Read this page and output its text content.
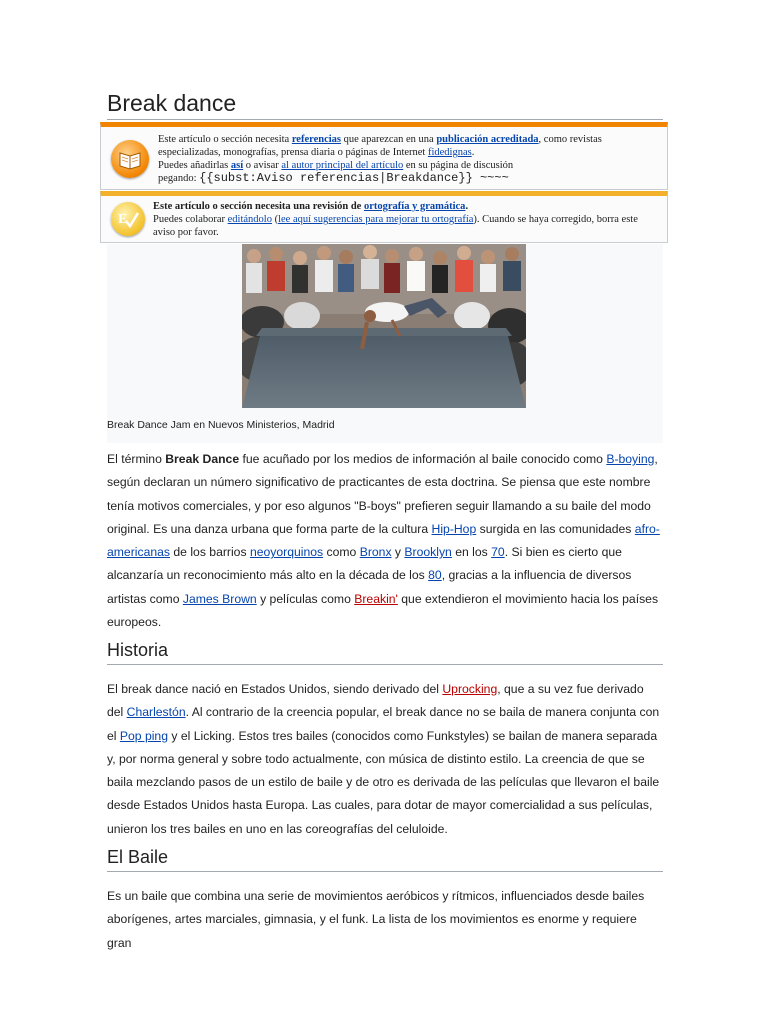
Break dance
Este artículo o sección necesita referencias que aparezcan en una publicación acreditada, como revistas especializadas, monografías, prensa diaria o páginas de Internet fidedignas.
Puedes añadirlas así o avisar al autor principal del artículo en su página de discusión
pegando: {{subst:Aviso referencias|Breakdance}} ~~~~
E
Este artículo o sección necesita una revisión de ortografía y gramática.
Puedes colaborar editándolo (lee aquí sugerencias para mejorar tu ortografía). Cuando se haya corregido, borra este aviso por favor.
Break Dance Jam en Nuevos Ministerios, Madrid

El término Break Dance fue acuñado por los medios de información al baile conocido como B-boying, según declaran un número significativo de practicantes de esta doctrina. Se piensa que este nombre tenía motivos comerciales, y por eso algunos "B-boys" prefieren seguir llamando a su baile del modo original. Es una danza urbana que forma parte de la cultura Hip-Hop surgida en las comunidades afro-americanas de los barrios neoyorquinos como Bronx y Brooklyn en los 70. Si bien es cierto que alcanzaría un reconocimiento más alto en la década de los 80, gracias a la influencia de diversos artistas como James Brown y películas como Breakin' que extendieron el movimiento hacia los países europeos.

Historia

El break dance nació en Estados Unidos, siendo derivado del Uprocking, que a su vez fue derivado del Charlestón. Al contrario de la creencia popular, el break dance no se baila de manera conjunta con el Pop ping y el Licking. Estos tres bailes (conocidos como Funkstyles) se bailan de manera separada y, por norma general y sobre todo actualmente, con música de distinto estilo. La creencia de que se baila mezclando pasos de un estilo de baile y de otro es derivada de las películas que llevaron el baile desde Estados Unidos hasta Europa. Las cuales, para dotar de mayor comercialidad a sus películas, unieron los tres bailes en uno en las coreografías del celuloide.

El Baile

Es un baile que combina una serie de movimientos aeróbicos y rítmicos, influenciados desde bailes aborígenes, artes marciales, gimnasia, y el funk. La lista de los movimientos es enorme y requiere gran
